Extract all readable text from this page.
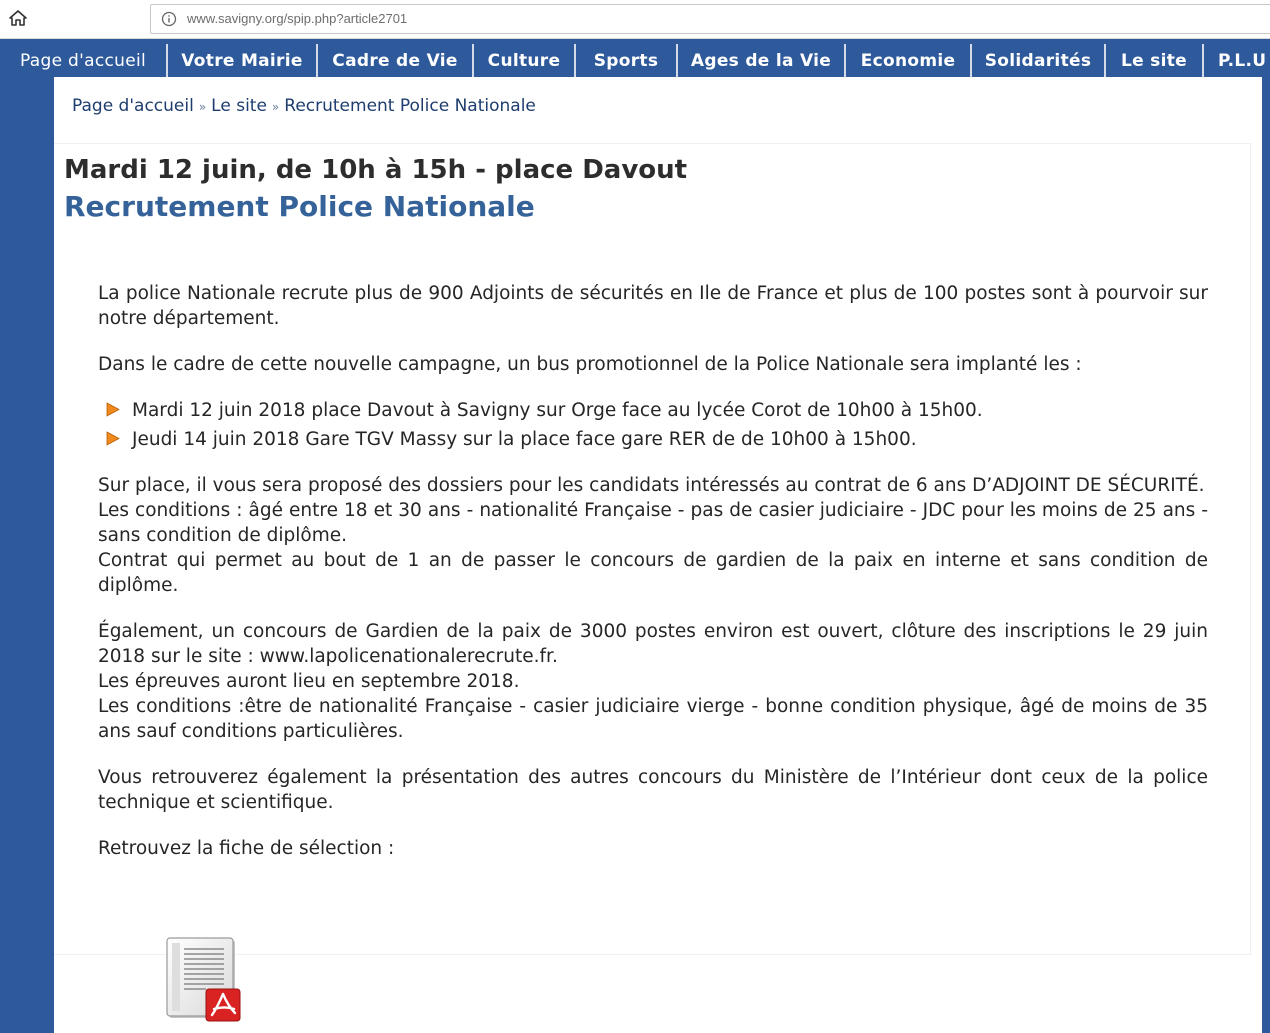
www.savigny.org/spip.php?article2701
Page d'accueil	Votre Mairie	Cadre de Vie	Culture	Sports	Ages de la Vie	Economie	Solidarités	Le site	P.L.U
Page d'accueil » Le site » Recrutement Police Nationale
Mardi 12 juin, de 10h à 15h - place Davout
Recrutement Police Nationale

La police Nationale recrute plus de 900 Adjoints de sécurités en Ile de France et plus de 100 postes sont à pourvoir sur notre département.

Dans le cadre de cette nouvelle campagne, un bus promotionnel de la Police Nationale sera implanté les :

Mardi 12 juin 2018 place Davout à Savigny sur Orge face au lycée Corot de 10h00 à 15h00.
Jeudi 14 juin 2018 Gare TGV Massy sur la place face gare RER de de 10h00 à 15h00.

Sur place, il vous sera proposé des dossiers pour les candidats intéressés au contrat de 6 ans D’ADJOINT DE SÉCURITÉ.
Les conditions : âgé entre 18 et 30 ans - nationalité Française - pas de casier judiciaire - JDC pour les moins de 25 ans - sans condition de diplôme.
Contrat qui permet au bout de 1 an de passer le concours de gardien de la paix en interne et sans condition de diplôme.

Également, un concours de Gardien de la paix de 3000 postes environ est ouvert, clôture des inscriptions le 29 juin 2018 sur le site : www.lapolicenationalerecrute.fr.
Les épreuves auront lieu en septembre 2018.
Les conditions :être de nationalité Française - casier judiciaire vierge - bonne condition physique, âgé de moins de 35 ans sauf conditions particulières.

Vous retrouverez également la présentation des autres concours du Ministère de l’Intérieur dont ceux de la police technique et scientifique.

Retrouvez la fiche de sélection :
